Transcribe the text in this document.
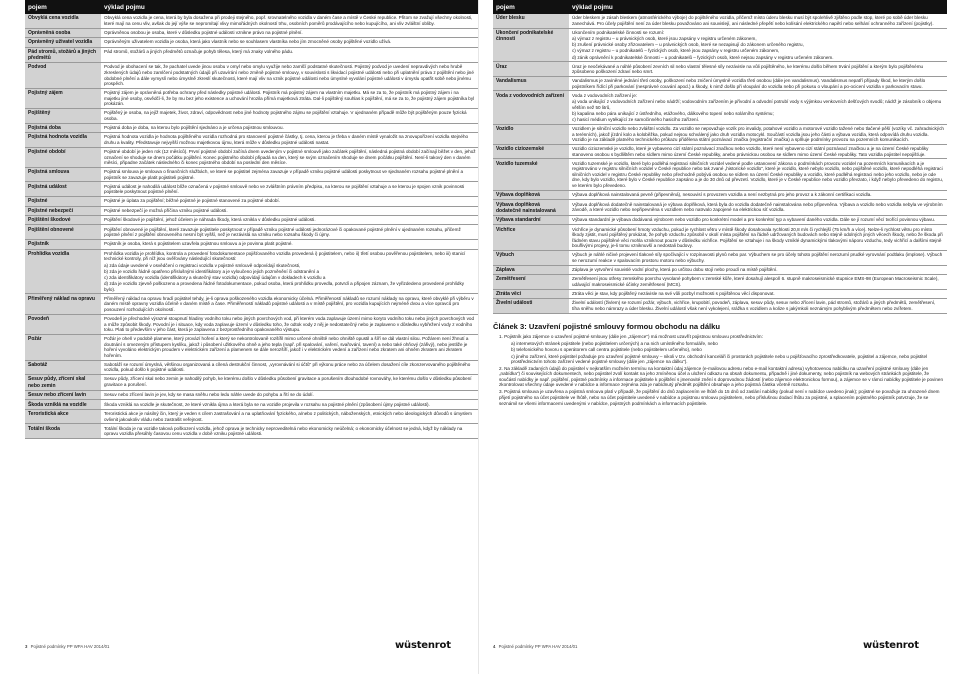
pojem	výklad pojmu
Obvyklá cena vozidla	Obvyklá cena vozidla je cena, která by byla dosažena při prodeji stejného, popř. srovnatelného vozidla v daném čase a místě v České republice. Přitom se zvažují všechny okolnosti, které mají na cenu vliv, avšak do její výše se nepromítají vlivy mimořádných okolností trhu, osobních poměrů prodávajícího nebo kupujícího, ani vliv zvláštní obliby.
Oprávněná osoba	Oprávněnou osobou je osoba, které v důsledku pojistné události vznikne právo na pojistné plnění.
Oprávněný uživatel vozidla	Oprávněným uživatelem vozidla je osoba, která jako vlastník nebo se souhlasem vlastníka nebo jím zmocněné osoby pojištěné vozidlo užívá.
Pád stromů, stožárů a jiných předmětů	Pád stromů, stožárů a jiných předmětů označuje pohyb tělesa, který má znaky volného pádu.
Podvod	Podvod je obohacení se tak, že pachatel uvede jinou osobu v omyl nebo omylu využije nebo zamlčí podstatné skutečnosti. Pojistný podvod je uvedení nepravdivých nebo hrubě zkreslených údajů nebo zamlčení podstatných údajů při uzavírání nebo změně pojistné smlouvy, v souvislosti s likvidací pojistné události nebo při uplatnění práva z pojištění nebo jiné obdobné plnění a dále vymyslí nebo úmyslně zkreslí skutečnosti, které mají vliv na vznik pojistné události nebo úmyslné vyvolání pojistné události v úmyslu opatřit sobě nebo jinému prospěch.
Pojistný zájem	Pojistný zájem je oprávněná potřeba ochrany před následky pojistné události. Pojistník má pojistný zájem na vlastním majetku. Má se za to, že pojistník má pojistný zájem i na majetku jiné osoby, osvědčí-li, že by mu bez jeho existence a uchování hrozila přímá majetková ztráta. Dal-li pojištěný souhlas k pojištění, má se za to, že pojistný zájem pojistníka byl prokázán.
Pojištěný	Pojištěný je osoba, na jejíž majetek, život, zdraví, odpovědnost nebo jiné hodnoty pojistného zájmu se pojištění vztahuje. V ujednaném případě může být pojištěným pouze fyzická osoba.
Pojistná doba	Pojistná doba je doba, na kterou bylo pojištění sjednáno a je určena pojistnou smlouvou.
Pojistná hodnota vozidla	Pojistná hodnota vozidla je hodnota pojištěného vozidla rozhodná pro stanovení pojistné částky, tj. cena, kterou je třeba v daném místě vynaložit na znovupořízení vozidla stejného druhu a kvality. Představuje nejvyšší možnou majetkovou újmu, která může v důsledku pojistné události nastat.
Pojistné období	Pojistné období je jeden rok (12 měsíců). První pojistné období začíná dnem uvedeným v pojistné smlouvě jako začátek pojištění, následná pojistná období začínají běžet v den, jehož označení se shoduje se dnem počátku pojištění. Konec pojistného období připadá na den, který se svým označením shoduje se dnem počátku pojištění. Není-li takový den v daném měsíci, připadne začátek následného či konec pojistného období na poslední den měsíce.
Pojistná smlouva	Pojistná smlouva je smlouva o finančních službách, ve které se pojistitel zejména zavazuje v případě vzniku pojistné události poskytnout ve sjednaném rozsahu pojistné plnění a pojistník se zavazuje platit pojistiteli pojistné.
Pojistná událost	Pojistná událost je nahodilá událost blíže označená v pojistné smlouvě nebo ve zvláštním právním předpisu, na kterou se pojištění vztahuje a se kterou je spojen vznik povinnosti pojistitele poskytnout pojistné plnění.
Pojistné	Pojistné je úplata za pojištění; běžné pojistné je pojistné stanovené za pojistné období.
Pojistné nebezpečí	Pojistné nebezpečí je možná příčina vzniku pojistné události.
Pojištění škodové	Pojištění škodové je pojištění, jehož účelem je náhrada škody, která vznikla v důsledku pojistné události.
Pojištění obnovené	Pojištění obnovené je pojištění, které zavazuje pojistitele poskytnout v případě vzniku pojistné události jednorázové či opakované pojistné plnění v ujednaném rozsahu, přičemž pojistné plnění z pojištění obnoveného nesmí být vyšší, než je nezávislá na vzniku nebo rozsahu škody či újmy.
Pojistník	Pojistník je osoba, která s pojistitelem uzavřela pojistnou smlouvu a je povinna platit pojistné.
Prohlídka vozidla	Prohlídka vozidla je prohlídka, kontrola a provedení fotodokumentace pojišťovaného vozidla provedená i) pojistitelem, nebo ii) třetí osobou pověřenou pojistitelem, nebo iii) stanicí technické kontroly, při níž jsou ověřovány následující skutečnosti:
a) zda údaje uvedené v osvědčení o registraci vozidla v pojistné smlouvě odpovídají skutečnosti,
b) zda je vozidlo řádně opatřeno příslušnými identifikátory a je vyloučeno jejich pozměnění či odstranění a
c) zda identifikátory vozidla (identifikátory a skutečný stav vozidla) odpovídají údajům v dokladech k vozidlu a
d) zda je vozidlo zjevně poškozeno a provedena řádné fotodokumentace, pokud osoba, která prohlídku provedla, potvrdí a připojen záznam, že vyřizdedeno provedené prohlídky bylo).

Přiměřený náklad na opravu	Přiměřený náklad na opravu hradí pojistitel tehdy, je-li oprava poškozeného vozidla ekonomicky účelná. Přiměřeností nákladů se rozumí náklady na opravu, které obvyklé při výběru v daném místě opravny vozidla účelně v daném místě a čase. Přiměřeností nákladů pojistné události a v místě pojištění, pro vozidla kupujících nejméně dvou a více opravců pro posouzení rozhodujících okolností.
Povodeň	Povodeň je přechodné výrazné stoupnutí hladiny vodního toku nebo jiných povrchových vod, při kterém voda zaplavuje území mimo koryto vodního toku nebo jiných povrchových vod a může způsobit škody. Povodní je i situace, kdy voda zaplavuje území v důsledku toho, že odtok vody z něj je nedostatečný nebo je zaplaveno v důsledku vybřežení vody z vodního toku. Plati to především v jeho část, která je zaplavena z bezprostředního opakovaného výstupu.
Požár	Požár je oheň v podobě plamene, který provází hoření a který se nekontrolovaně rozšířil mimo určené ohniště nebo ohniště opustil a šíří se dál vlastní silou. Požárem není žhnutí a doutnání s omezeným přístupem kyslíku, jakož i působení užitkového ohně a jeho tepla (např. při spalování, vaření, svařování, tavení) a nebo také ohňový (zářivý), nebo jestliže je hoření vyvoláno elektrickým proudem v elektrickém zařízení a plamenem se dále nerozšíří, jakož i v elektrickém vedení a zařízení nebo zkratem ani ohněm zkratem ani zkratem hořením.
Sabotáž	Sabotáží se rozumí úmyslná, většinou organizovaná a cílená destrukční činnost, „vyrovnávání si účtů" při výkonu práce nebo za účelem dosažení cíle zkonzervovaného pojištěného vozidla, pokud došlo k pojistné události.
Sesuv půdy, zřícení skal nebo zemin	Sesuv půdy, zřícení skal nebo zemin je nahodilý pohyb, ke kterému došlo v důsledku působení gravitace a porušením dlouhodobé rovnováhy, ke kterému došlo v důsledku působení gravitace a porušení.
Sesuv nebo zřícení lavin	Sesuv nebo zřícení lavin je jev, kdy se masa sněhu nebo ledu náhle uvede do pohybu a řítí se do údolí.
Škoda vzniklá na vozidle	Škoda vzniklá na vozidle je skutečnost, ze které vznikla újma a která byla se na vozidle projevila v rozsahu na pojistné plnění (způsobení újmy pojistné události).
Teroristická akce	Teroristická akce je násilný čin, který je veden s cílem zastrašování a na uplatňování fyzického, a/nebo z politických, náboženských, etnických nebo ideologických důvodů s úmyslem ovlivnit jakoukoliv vládu nebo zastrašit veřejnost.
Totální škoda	Totální škoda je na vozidle taková poškození vozidla, jehož oprava je technicky neproveditelná nebo ekonomicky neúčelná; o ekonomicky účelnost se jedná, když by náklady na opravu vozidla přesáhly časovou cenu vozidla v době vzniku pojistné události.
3 Pojistné podmínky PP WPA HAV 2014/01	wüstenrot
pojem	výklad pojmu
Úder blesku	Úder bleskem je zásah bleskem (atmosférického výboje) do pojištěného vozidla, přičemž místo úderu blesku musí být spolehlivě zjištěno podle stop, které po sobě úder blesku zanechává. Pro účely pojištění není za úder blesku považováno ani souvislejí, ani následné přepětí nebo kolísání elektrického napětí nebo selhání ochranného zařízení (pojistky).
Ukončení podnikatelské činnosti	Ukončením podnikatelské činnosti se rozumí:
a) výmaz z registru – u právnických osob, které jsou zapsány v registru určeném zákonem,
b) zrušení právnické osoby zřizovatelem – u právnických osob, které se nezapisují do zákonem určeného registru,
c) výmaz z registru – u podnikatelů – fyzických osob, které jsou zapsány v registru určeném zákonem,
d) zánik oprávnění k podnikatelské činnosti – u podnikatelů – fyzických osob, které nejsou zapsány v registru určeném zákonem.

Úraz	Úraz je neočekávané a náhlé působení zevních sil nebo vlastní tělesné síly nezávisle na vůli pojištěného, ke kterému došlo během trvání pojištění a kterým bylo pojištěnému způsobeno poškození zdraví nebo smrt.
Vandalismus	Vandalismus je zaviněné jednání třetí osoby, poškození nebo zničení úmyslně vozidla třetí osobou (dále jen vandalismus). Vandalismus nepatří případy škod, ke kterým došlo pojistníkem řídící při parkování (nesprávné couvání apod.) a škody, k nimž došlo při vloupání do vozidla nebo při pokusu o vloupání a po-ocicení vozidla v parkovacím stavu.
Voda z vodovodních zařízení	Voda z vodovodních zařízení je:
a) voda unikající z vodovodních zařízení nebo nádrží; vodovodním zařízením je přívodní a odvodní potrubí vody s výjimkou venkovních dešťových svodů; nádrž je zásobník o objemu větším než 50 litrů,
b) kapalina nebo pára unikající z ústředního, etážového, dálkového topení nebo solárního systému;
c) hasicí médium vytékající ze samočinného hasicího zařízení.

Vozidlo	Vozidlem je silniční vozidlo nebo zvláštní vozidlo. Za vozidlo se nepovažuje vozík pro invalidy, potahové vozidlo a motorové vozidlo tažené nebo tlačené pěší (vozíky vč. zahradnických a terénních), jakož jízdní kolo a koloběžka, pokud nejsou schválený jako druh vozidla motocykl. Součástí vozidla jsou jeho části a výbava vozidla, která odpovídá druhu vozidla. Vozidlo je na základě platného technického průkazu přidělena státní poznávací značka (registrační značka) a splňuje podmínky provozu na pozemních komunikacích.
Vozidlo ciziozemské	Vozidlo ciziozemské je vozidlo, které je vybaveno cizí státní poznávací značkou nebo vozidlo, které není vybaveno cizí státní poznávací značkou a je na území České republiky stanoveno osobou s bydlištěm nebo sídlem mimo území České republiky, anebo právnickou osobou se sídlem mimo území České republiky. Tato vozidla pojistitel nepojišťuje.
Vozidlo tuzemské	Vozidlo tuzemské je vozidlo, které bylo podléhá registraci silničních vozidel vedené podle ustanovení zákona o podmínkách provozu vozidel na pozemních komunikacích a je registrováno v registru silničních vozidel v České republice nebo tak zvané „historické vozidlo", které je vozidlo, které nebylo vozidlo, nebo pojištěné vozidlo, které nepodléhá registraci silničních vozidel v registru České republiky nebo přechodně pobývá osobou se sídlem na území České republiky a vozidlo, které podléhá registraci nebo jeho vozidlo, nebo je ode dne, kdy bylo vozidlo, které bylo v České republice zapsáno a je do 30 dnů od převzetí. Vozidlo, které je v České republice nebo vozidlo převzato, i když nebylo převedeno do registru, ve kterém bylo převedeno.
Výbava doplňková	Výbava doplňková nainstalovaná pevně (připevněná), nesouvisí s provozem vozidla a není nezbytná pro jeho provoz a k zákonní certifikaci vozidla.
Výbava doplňková dodatečně nainstalovaná	Výbava doplňková dodatečně nainstalovaná je výbava doplňková, která byla do vozidla dodatečně nainstalována nebo připevněna. Výbava a vozidlo nebo vozidla nebyla ve výrobním závodě, a které vozidlo nebo nepřipevněna s vozidlem nebo natrvalo zapojené na elektrickou síť vozidla.
Výbava standardní	Výbava standardní je výbava dodávaná výrobcem nebo vozidlo pro konkrétní model a pro konkrétní typ a vybavení daného vozidla. Dále se jí rozumí věcí tvořící povinnou výbavu.
Vichřice	Vichřice je dynamické působení hmoty vzduchu, pokud je rychlost větru v místě škody dosahovala rychlosti 20,8 m/s či rychlejší (75 km/h a více). Nelze-li rychlost větru pro místo škody zjistit, musí pojištěný prokázat, že pohyb vzduchu způsobil v okolí místa pojištění na řádně udržovaných budovách nebo stejně odolných jiných věcech škody, nebo že škoda při řádném stavu pojištěné věci mohla vzniknout pouze v důsledku vichřice. Pojištění se vztahuje i na škody vzniklé dynamickými tlakovými náporu vzduchu, tedy vichřicí a dalšími stejně bouřlivými projevy, je-li tomu vzniknuvší a nedostali budovy.
Výbuch	Výbuch je náhlé ničivé projevení tlakové síly spočívající v rozpínavosti plynů nebo par. Výbuchem se pro účely tohoto pojištění nerozumí prudké vyrovnání podtlaku (implose). Výbuch se nerozumí reakce v spalovacím prostoru motoru nebo výbuchy.
Záplava	Záplava je vytvoření souvislé vodní plochy, která po určitou dobu stojí nebo proudí na místě pojištění.
Zemětřesení	Zemětřesení jsou otřesy zemského povrchu vyvolané pohybem v zemské kůře, které dosahují alespoň 6. stupně makroseismické stupnice EMS-98 (European Macroseismic Scale), udávající makroseismické účinky zemětřesení (MCS).
Ztráta věci	Ztráta věci je stav, kdy pojištěný nezávisle na své vůli pozbyl možnosti s pojištěnou věcí disponovat.
Živelní události	Živelní událostí (živlem) se rozumí požár, výbuch, vichřice, krupobití, povodeň, záplava, sesuv půdy, sesuv nebo zřícení lavin, pád stromů, stožárů a jiných předmětů, zemětřesení, tíha sněhu nebo námrazy a úder blesku. Živelní událostí však není vykolejení, srážka s vozidlem a kolize s jakýmkoli neznámým pohyblivým předmětem nebo zvířetem.
Článek 3: Uzavření pojistné smlouvy formou obchodu na dálku
1. Pojistník jako zájemce o uzavření pojistné smlouvy (dále jen „zájemce") má možnost uzavřít pojistnou smlouvu prostřednictvím:
a) internetových stránek pojistitele (nebo pojistitelem určených) a na nich umístěného formuláře, nebo
b) telefonického hovoru s operátorem call centra pojistitele (nebo pojistitelem určeného), nebo
c) jiného zařízení, které pojistitel požaduje pro uzavření pojistné smlouvy – nikoli v tzv. obchodní kanceláři či prostorách pojistitele nebo u pojišťovacího zprostředkovatele, pojistitel a zájemce, nebo pojistitel prostřednictvím tohoto zařízení vedené pojistné smlouvy (dále jen „zájemce na dálku").
2. Na základě zadaných údajů do pojistitel v nejkratším možném termínu na kontaktní údaj zájemce (e-mailovou adresu nebo e-mail kontaktní adresu) vyhotovenou nabídku na uzavření pojistné smlouvy (dále jen „nabídka") či souvisejících dokumentech, nebo pojistitel zvolí kontakt na jeho zmíněnou účel a uložení odkazu na obsah dokumentu, případně i jiné dokumenty, nebo pojistník na webových stránkách pojistitele, že součástí nabídky je např. pojištění, pojistné podmínky a informace pojistitele k pojištění s jmenovité znění s doprovodnou žádostí (nebo zájemce elektronickou formou), a zájemce se v rámci nabídky pojistitele je povinen zkontrolovat všechny údaje uvedené v nabídce a informace zejména zda je nabídnutý předmět pojištění obsahuje a jeho pojistná částka včetně rozsahu.
3. Pojistná smlouva je uzavřena a pojistná smlouva platí v případě, že pojištění do dnů zaplacením ve lhůtě do 15 dnů od zaslání nabídky (pokud není v nabídce uvedeno jinak); pojistné se považuje za uhrazené dnem přijetí pojistného na účet pojistitele ve lhůtě, nebo na účet pojistitele uvedené v nabídce a pojistnou smlouvu pojistitelem, nebo příslušnou dodací lhůtu za pojistné, a splacením pojistného pojistník potvrzuje, že se seznámil se všemi informacemi uvedenými v nabídce, pojistných podmínkách a informacích pojistitele.
4 Pojistné podmínky PP WPA HAV 2014/01	wüstenrot
